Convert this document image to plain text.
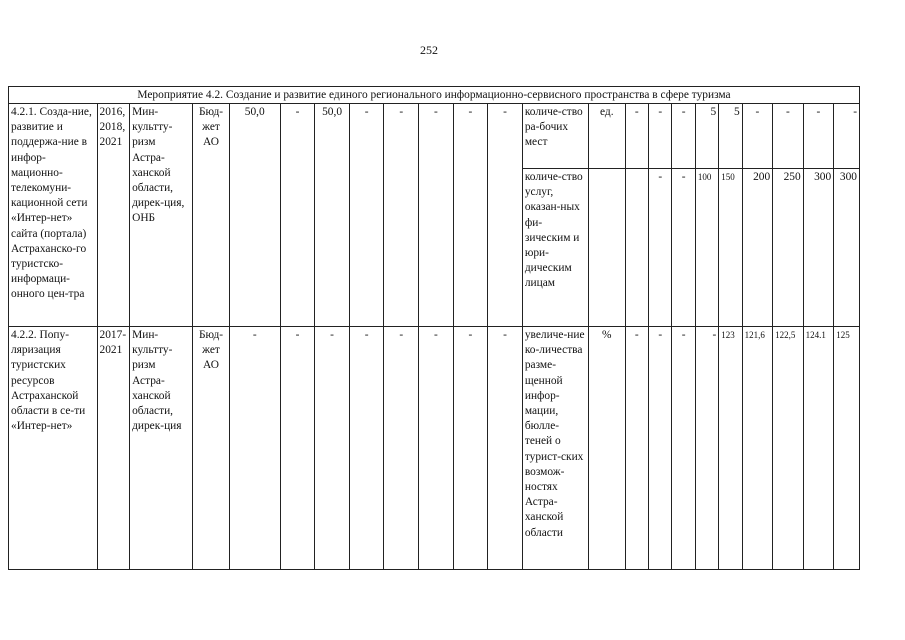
252
Мероприятие 4.2. Создание и развитие единого регионального информационно-сервисного пространства в сфере туризма																						
4.2.1. Созда-ние, развитие и поддержа-ние в инфор-мационно-телекомуни-кационной сети «Интер-нет» сайта (портала) Астраханско-го туристско-информаци-онного цен-тра	2016, 2018, 2021	Мин-культту-ризм Астра-ханской области, дирек-ция, ОНБ	Бюд-жет АО	50,0	-	50,0	-	-	-	-	-	количе-ство ра-бочих мест	ед.	-	-	-	5	5	-	-	-	-
												количе-ство услуг, оказан-ных фи-зическим и юри-дическим лицам			-	-	100	150	200	250	300	300
4.2.2. Попу-ляризация туристских ресурсов Астраханской области в се-ти «Интер-нет»	2017-2021	Мин-культту-ризм Астра-ханской области, дирек-ция	Бюд-жет АО	-	-	-	-	-	-	-	-	увеличе-ние ко-личества разме-щенной инфор-мации, бюлле-теней о турист-ских возмож-ностях Астра-ханской области	%	-	-	-	-	123	121,6	122,5	124.1	125
